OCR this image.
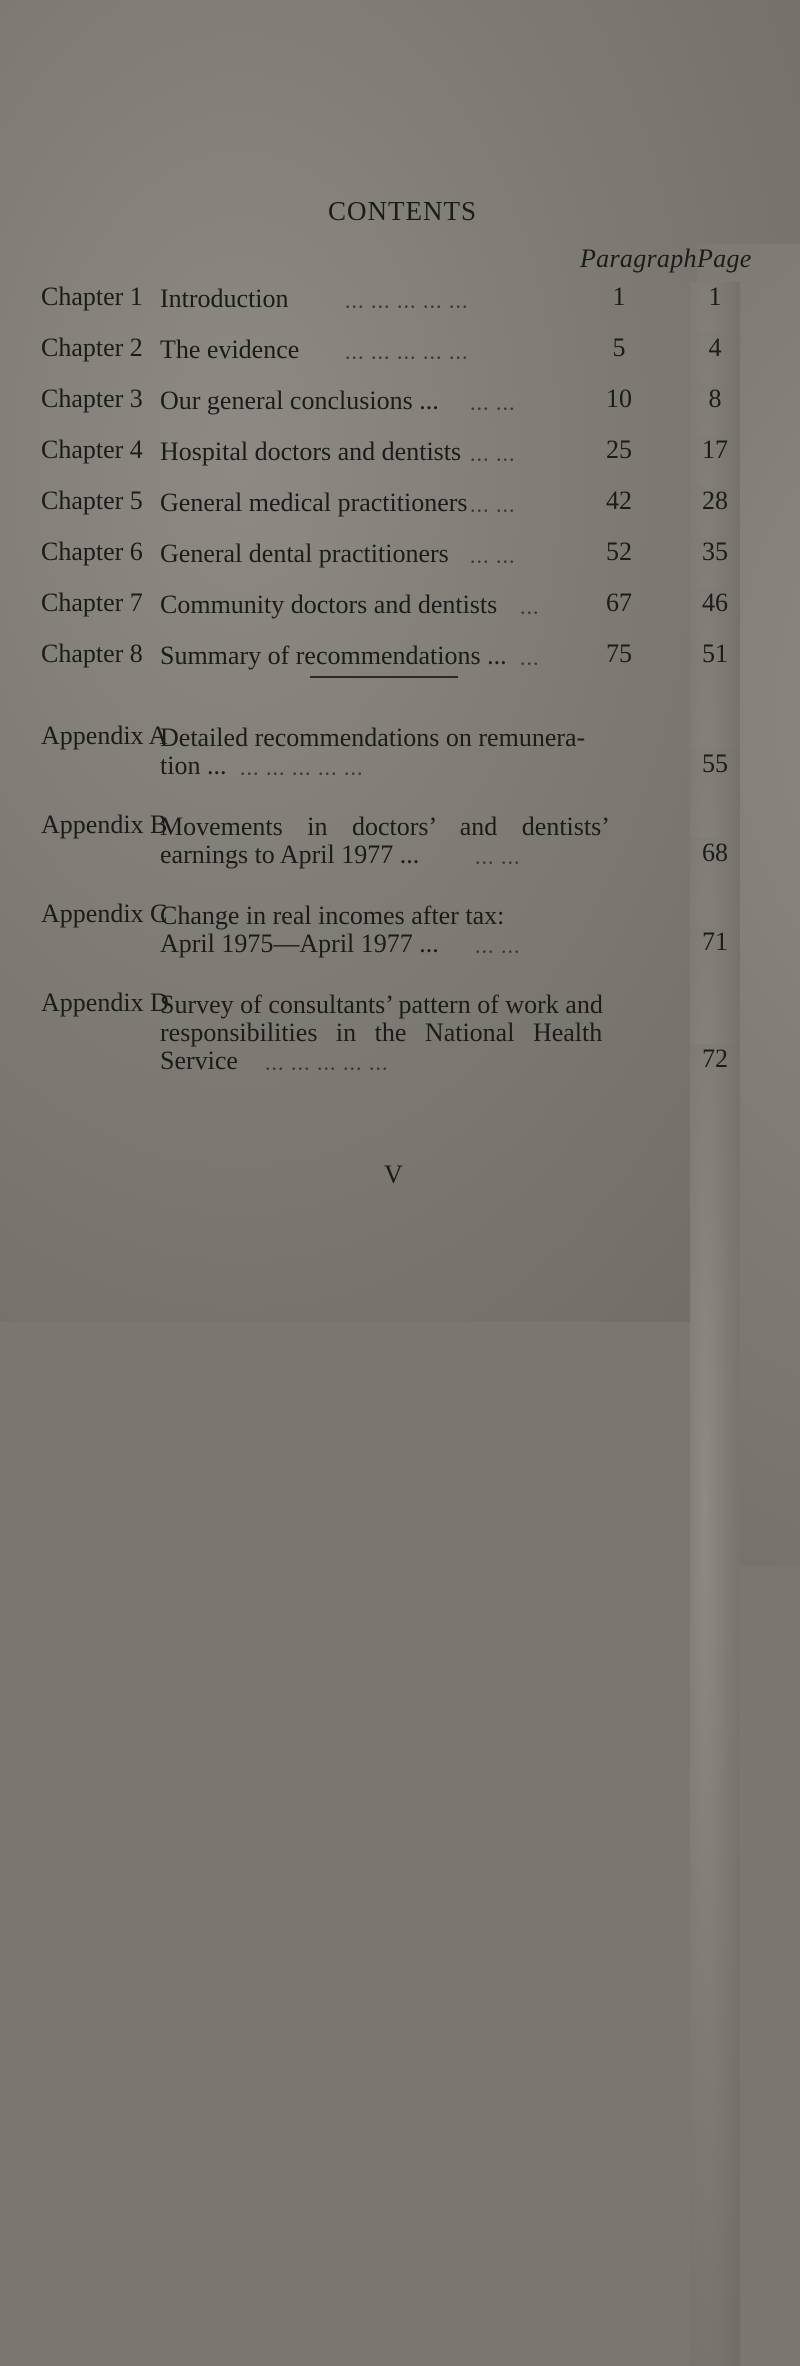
CONTENTS
Paragraph Page
Chapter 1 Introduction	... ... ... ... ...	1	1
Chapter 2 The evidence	... ... ... ... ...	5	4
Chapter 3 Our general conclusions ...	... ...	10	8
Chapter 4 Hospital doctors and dentists ... ...	25	17
Chapter 5 General medical practitioners ... ...	42	28
Chapter 6 General dental practitioners ... ...	52	35
Chapter 7 Community doctors and dentists	...	67	46
Chapter 8 Summary of recommendations ... ...	75	51
Appendix A
Detailed recommendations on remunera-
tion ... ... ... ... ... ...	55
Appendix B
Movements in doctors’ and dentists’
earnings to April 1977 ...	... ...	68
Appendix C
Change in real incomes after tax:
April 1975—April 1977 ...	... ...	71
Appendix D
Survey of consultants’ pattern of work and
responsibilities in the National Health
Service	... ... ... ... ...	72
V
